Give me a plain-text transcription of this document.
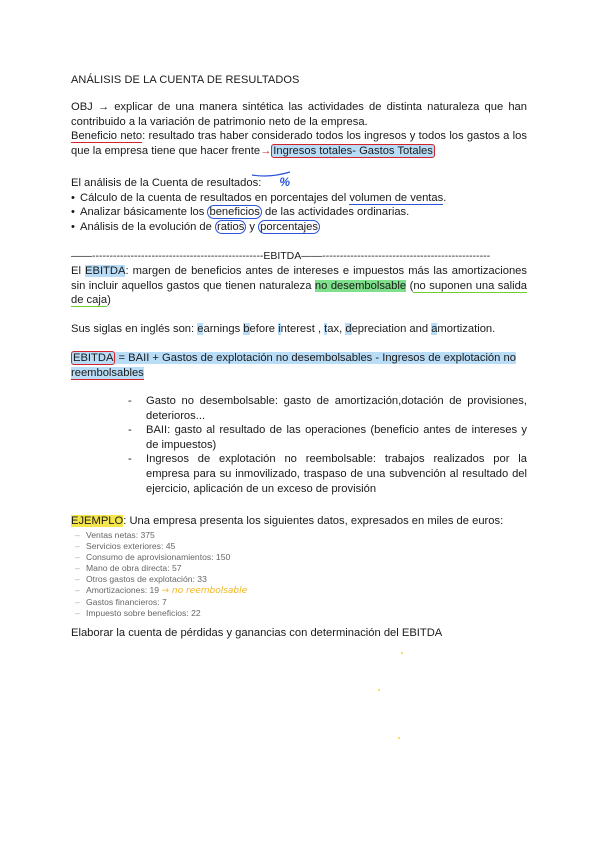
ANÁLISIS DE LA CUENTA DE RESULTADOS
OBJ → explicar de una manera sintética las actividades de distinta naturaleza que han contribuido a la variación de patrimonio neto de la empresa.
Beneficio neto: resultado tras haber considerado todos los ingresos y todos los gastos a los que la empresa tiene que hacer frente→ Ingresos totales- Gastos Totales
El análisis de la Cuenta de resultados: %
• Cálculo de la cuenta de resultados en porcentajes del volumen de ventas.
• Analizar básicamente los beneficios de las actividades ordinarias.
• Análisis de la evolución de ratios y porcentajes
——-------------------------------------------------EBITDA——------------------------------------------------
El EBITDA: margen de beneficios antes de intereses e impuestos más las amortizaciones sin incluir aquellos gastos que tienen naturaleza no desembolsable (no suponen una salida de caja)
Sus siglas en inglés son: earnings before interest , tax, depreciation and amortization.
EBITDA = BAII + Gastos de explotación no desembolsables - Ingresos de explotación no
reembolsables
- Gasto no desembolsable: gasto de amortización,dotación de provisiones, deterioros...
- BAII: gasto al resultado de las operaciones (beneficio antes de intereses y de impuestos)
- Ingresos de explotación no reembolsable: trabajos realizados por la empresa para su inmovilizado, traspaso de una subvención al resultado del ejercicio, aplicación de un exceso de provisión
EJEMPLO: Una empresa presenta los siguientes datos, expresados en miles de euros:
– Ventas netas: 375
– Servicios exteriores: 45
– Consumo de aprovisionamientos: 150
– Mano de obra directa: 57
– Otros gastos de explotación: 33
– Amortizaciones: 19 → no reembolsable
– Gastos financieros: 7
– Impuesto sobre beneficios: 22
Elaborar la cuenta de pérdidas y ganancias con determinación del EBITDA
